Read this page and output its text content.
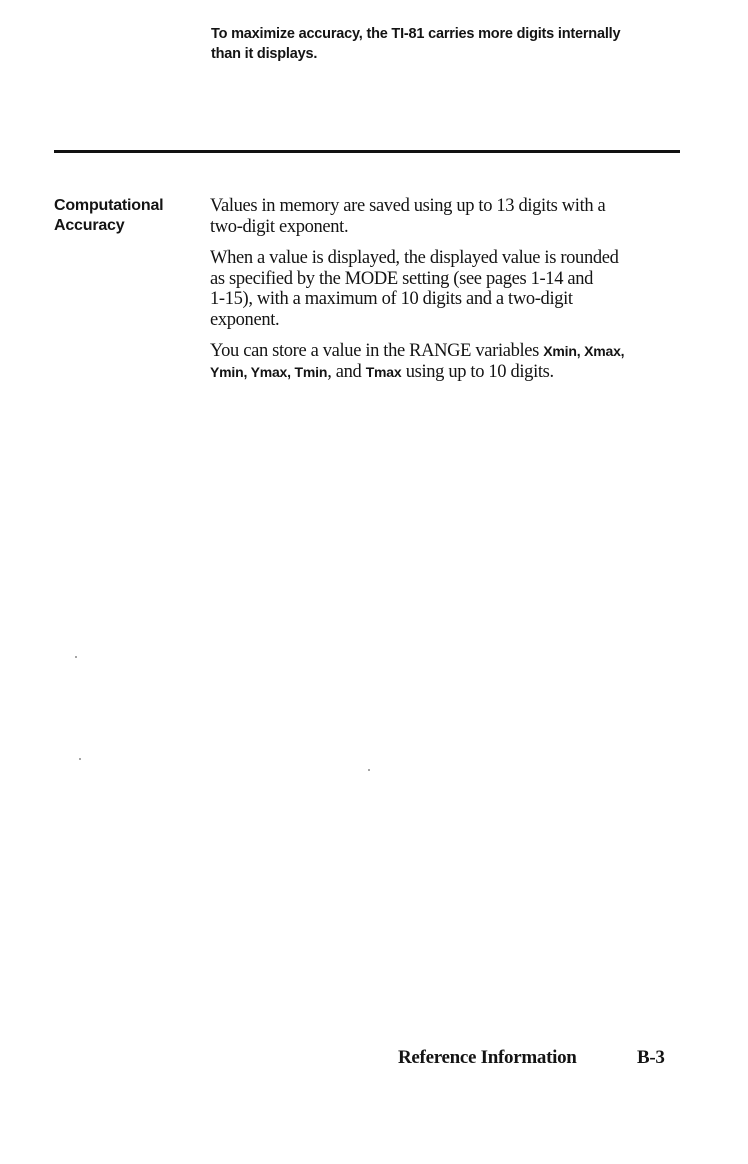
To maximize accuracy, the TI-81 carries more digits internally
than it displays.
Computational
Accuracy

Values in memory are saved using up to 13 digits with a
two-digit exponent.

When a value is displayed, the displayed value is rounded
as specified by the MODE setting (see pages 1-14 and
1-15), with a maximum of 10 digits and a two-digit
exponent.

You can store a value in the RANGE variables Xmin, Xmax,
Ymin, Ymax, Tmin, and Tmax using up to 10 digits.

Reference Information	B-3
